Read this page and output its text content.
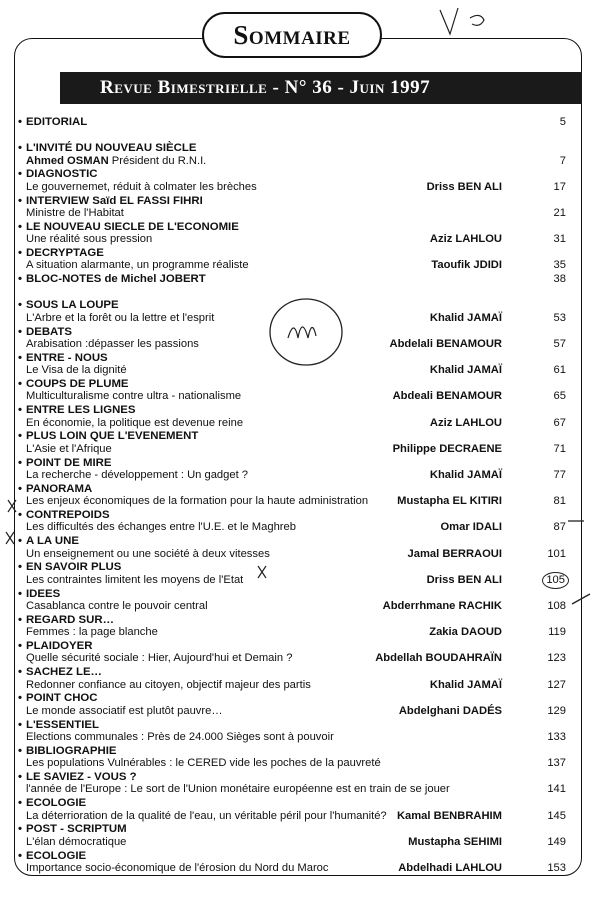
Sommaire
Revue Bimestrielle - N° 36 - Juin 1997
• EDITORIAL	5
• L'INVITÉ DU NOUVEAU SIÈCLE
Ahmed OSMAN Président du R.N.I.	7
• DIAGNOSTIC
Le gouvernemet, réduit à colmater les brèches	Driss BEN ALI	17
• INTERVIEW Saïd EL FASSI FIHRI
Ministre de l'Habitat	21
• LE NOUVEAU SIECLE DE L'ECONOMIE
Une réalité sous pression	Aziz LAHLOU	31
• DECRYPTAGE
A situation alarmante, un programme réaliste	Taoufik JDIDI	35
• BLOC-NOTES de Michel JOBERT	38
• SOUS LA LOUPE
L'Arbre et la forêt ou la lettre et l'esprit	Khalid JAMAÏ	53
• DEBATS
Arabisation :dépasser les passions	Abdelali BENAMOUR	57
• ENTRE - NOUS
Le Visa de la dignité	Khalid JAMAÏ	61
• COUPS DE PLUME
Multiculturalisme contre ultra - nationalisme	Abdeali BENAMOUR	65
• ENTRE LES LIGNES
En économie, la politique est devenue reine	Aziz LAHLOU	67
• PLUS LOIN QUE L'EVENEMENT
L'Asie et l'Afrique	Philippe DECRAENE	71
• POINT DE MIRE
La recherche - développement : Un gadget ?	Khalid JAMAÏ	77
• PANORAMA
Les enjeux économiques de la formation pour la haute administration	Mustapha EL KITIRI	81
• CONTREPOIDS
Les difficultés des échanges entre l'U.E. et le Maghreb	Omar IDALI	87
• A LA UNE
Un enseignement ou une société à deux vitesses	Jamal BERRAOUI	101
• EN SAVOIR PLUS
Les contraintes limitent les moyens de l'Etat	Driss BEN ALI	105
• IDEES
Casablanca contre le pouvoir central	Abderrhmane RACHIK	108
• REGARD SUR…
Femmes : la page blanche	Zakia DAOUD	119
• PLAIDOYER
Quelle sécurité sociale : Hier, Aujourd'hui et Demain ?	Abdellah BOUDAHRAÏN	123
• SACHEZ LE…
Redonner confiance au citoyen, objectif majeur des partis	Khalid JAMAÏ	127
• POINT CHOC
Le monde associatif est plutôt pauvre…	Abdelghani DADÉS	129
• L'ESSENTIEL
Elections communales : Près de 24.000 Sièges sont à pouvoir	133
• BIBLIOGRAPHIE
Les populations Vulnérables : le CERED vide les poches de la pauvreté	137
• LE SAVIEZ - VOUS ?
l'année de l'Europe : Le sort de l'Union monétaire européenne est en train de se jouer	141
• ECOLOGIE
La déterrioration de la qualité de l'eau, un véritable péril pour l'humanité? Kamal BENBRAHIM	145
• POST - SCRIPTUM
L'élan démocratique	Mustapha SEHIMI	149
• ECOLOGIE
Importance socio-économique de l'érosion du Nord du Maroc	Abdelhadi LAHLOU	153
